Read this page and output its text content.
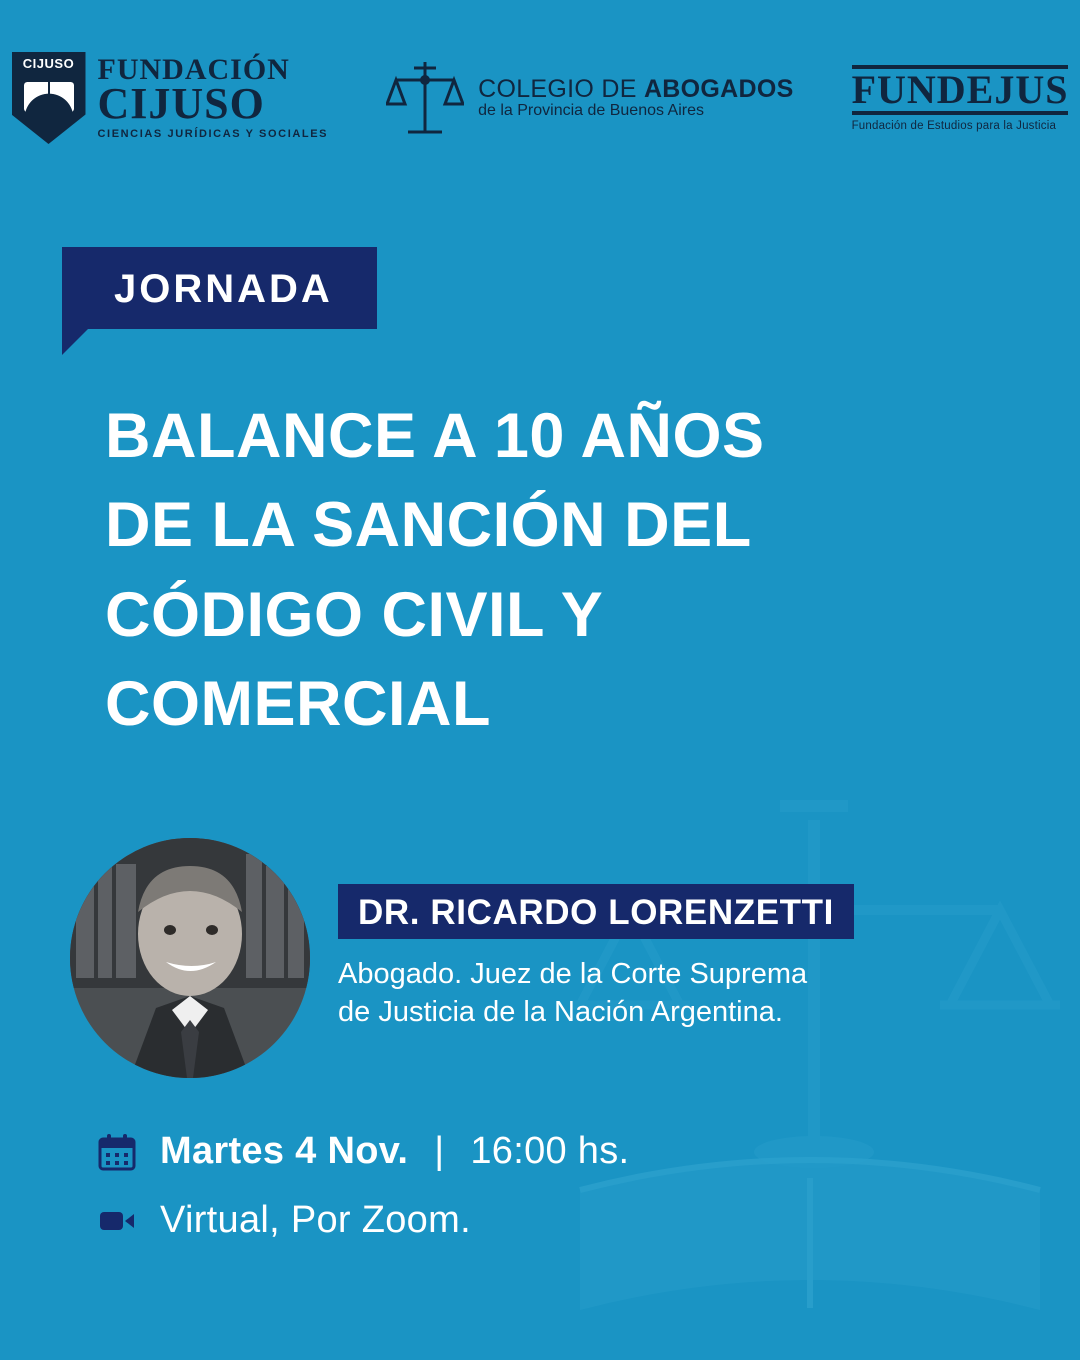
CIJUSO FUNDACIÓN
CIJUSO
CIENCIAS JURÍDICAS Y SOCIALES
COLEGIO DE ABOGADOS
de la Provincia de Buenos Aires	FUNDEJUS
Fundación de Estudios para la Justicia
JORNADA
BALANCE A 10 AÑOS
DE LA SANCIÓN DEL
CÓDIGO CIVIL Y
COMERCIAL
DR. RICARDO LORENZETTI
Abogado. Juez de la Corte Suprema
de Justicia de la Nación Argentina.
Martes 4 Nov. | 16:00 hs.
Virtual, Por Zoom.
